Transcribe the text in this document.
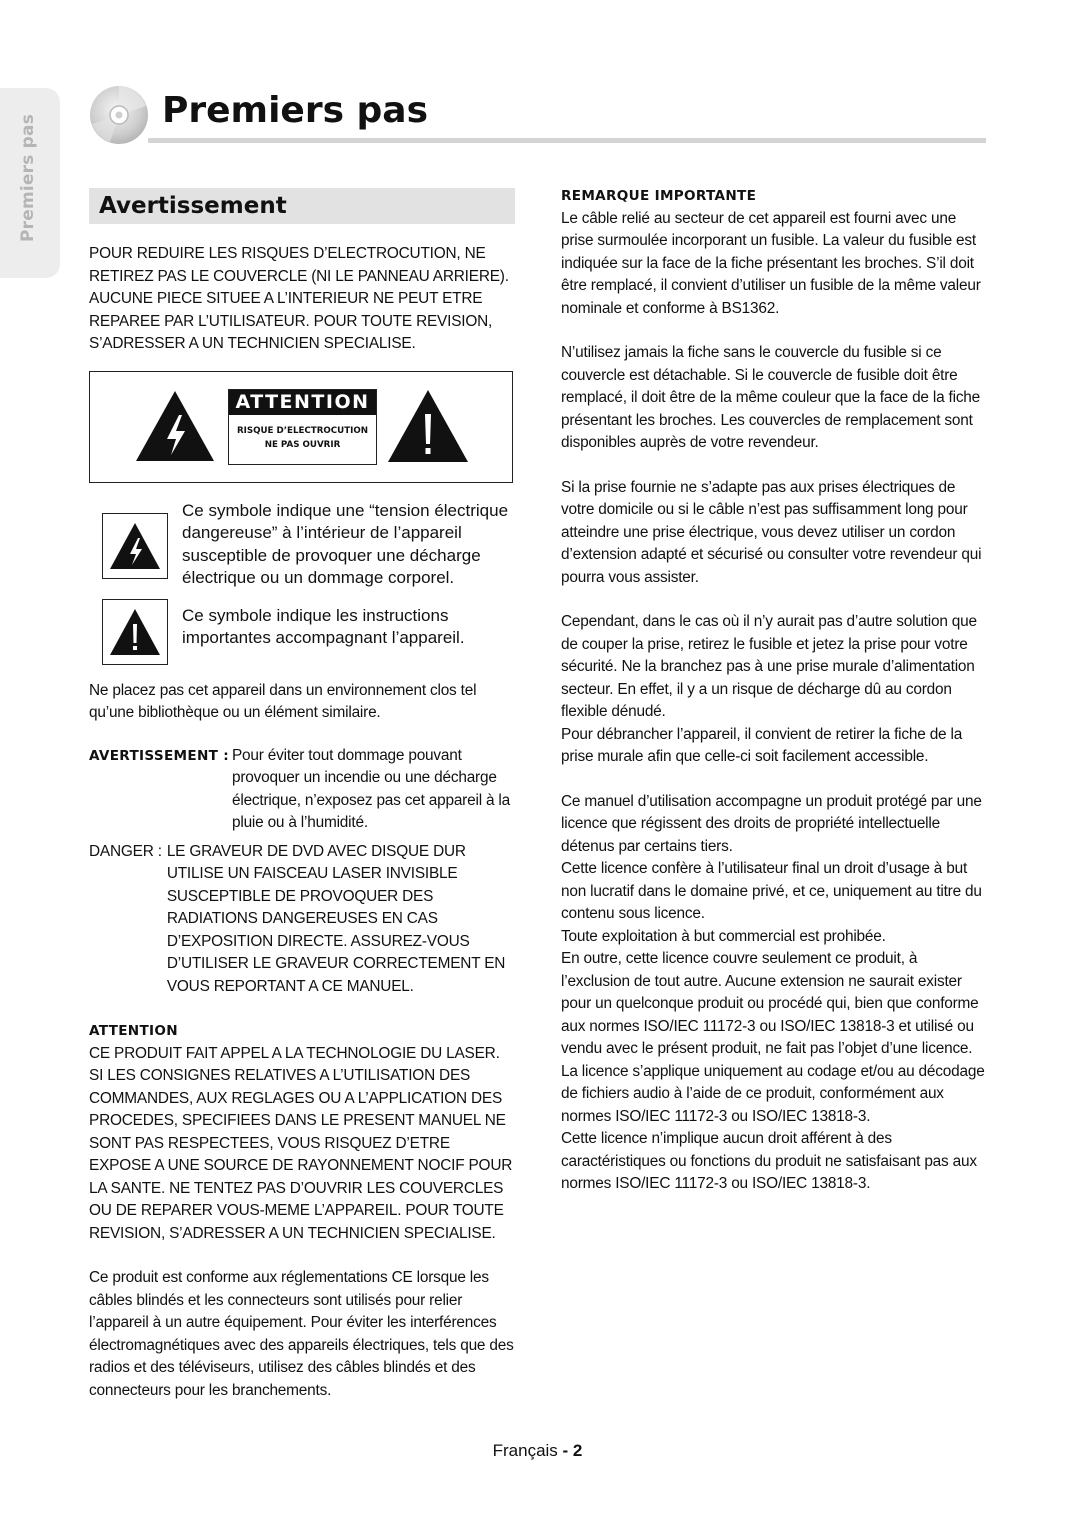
Premiers pas
Premiers pas
Avertissement

POUR REDUIRE LES RISQUES D’ELECTROCUTION, NE RETIREZ PAS LE COUVERCLE (NI LE PANNEAU ARRIERE). AUCUNE PIECE SITUEE A L’INTERIEUR NE PEUT ETRE REPAREE PAR L’UTILISATEUR. POUR TOUTE REVISION, S’ADRESSER A UN TECHNICIEN SPECIALISE.

ATTENTION
RISQUE D’ELECTROCUTION
NE PAS OUVRIR

Ce symbole indique une “tension électrique dangereuse” à l’intérieur de l’appareil susceptible de provoquer une décharge électrique ou un dommage corporel.

Ce symbole indique les instructions importantes accompagnant l’appareil.

Ne placez pas cet appareil dans un environnement clos tel qu’une bibliothèque ou un élément similaire.

AVERTISSEMENT : Pour éviter tout dommage pouvant provoquer un incendie ou une décharge électrique, n’exposez pas cet appareil à la pluie ou à l’humidité.

DANGER : LE GRAVEUR DE DVD AVEC DISQUE DUR UTILISE UN FAISCEAU LASER INVISIBLE SUSCEPTIBLE DE PROVOQUER DES RADIATIONS DANGEREUSES EN CAS D’EXPOSITION DIRECTE. ASSUREZ-VOUS D’UTILISER LE GRAVEUR CORRECTEMENT EN VOUS REPORTANT A CE MANUEL.

ATTENTION

CE PRODUIT FAIT APPEL A LA TECHNOLOGIE DU LASER. SI LES CONSIGNES RELATIVES A L’UTILISATION DES COMMANDES, AUX REGLAGES OU A L’APPLICATION DES PROCEDES, SPECIFIEES DANS LE PRESENT MANUEL NE SONT PAS RESPECTEES, VOUS RISQUEZ D’ETRE EXPOSE A UNE SOURCE DE RAYONNEMENT NOCIF POUR LA SANTE. NE TENTEZ PAS D’OUVRIR LES COUVERCLES OU DE REPARER VOUS-MEME L’APPAREIL. POUR TOUTE REVISION, S’ADRESSER A UN TECHNICIEN SPECIALISE.

Ce produit est conforme aux réglementations CE lorsque les câbles blindés et les connecteurs sont utilisés pour relier l’appareil à un autre équipement. Pour éviter les interférences électromagnétiques avec des appareils électriques, tels que des radios et des téléviseurs, utilisez des câbles blindés et des connecteurs pour les branchements.

REMARQUE IMPORTANTE

Le câble relié au secteur de cet appareil est fourni avec une prise surmoulée incorporant un fusible. La valeur du fusible est indiquée sur la face de la fiche présentant les broches. S’il doit être remplacé, il convient d’utiliser un fusible de la même valeur nominale et conforme à BS1362.

N’utilisez jamais la fiche sans le couvercle du fusible si ce couvercle est détachable. Si le couvercle de fusible doit être remplacé, il doit être de la même couleur que la face de la fiche présentant les broches. Les couvercles de remplacement sont disponibles auprès de votre revendeur.

Si la prise fournie ne s’adapte pas aux prises électriques de votre domicile ou si le câble n’est pas suffisamment long pour atteindre une prise électrique, vous devez utiliser un cordon d’extension adapté et sécurisé ou consulter votre revendeur qui pourra vous assister.

Cependant, dans le cas où il n’y aurait pas d’autre solution que de couper la prise, retirez le fusible et jetez la prise pour votre sécurité. Ne la branchez pas à une prise murale d’alimentation secteur. En effet, il y a un risque de décharge dû au cordon flexible dénudé.

Pour débrancher l’appareil, il convient de retirer la fiche de la prise murale afin que celle-ci soit facilement accessible.

Ce manuel d’utilisation accompagne un produit protégé par une licence que régissent des droits de propriété intellectuelle détenus par certains tiers.

Cette licence confère à l’utilisateur final un droit d’usage à but non lucratif dans le domaine privé, et ce, uniquement au titre du contenu sous licence.

Toute exploitation à but commercial est prohibée.

En outre, cette licence couvre seulement ce produit, à l’exclusion de tout autre. Aucune extension ne saurait exister pour un quelconque produit ou procédé qui, bien que conforme aux normes ISO/IEC 11172-3 ou ISO/IEC 13818-3 et utilisé ou vendu avec le présent produit, ne fait pas l’objet d’une licence.

La licence s’applique uniquement au codage et/ou au décodage de fichiers audio à l’aide de ce produit, conformément aux normes ISO/IEC 11172-3 ou ISO/IEC 13818-3.

Cette licence n’implique aucun droit afférent à des caractéristiques ou fonctions du produit ne satisfaisant pas aux normes ISO/IEC 11172-3 ou ISO/IEC 13818-3.

Français - 2
